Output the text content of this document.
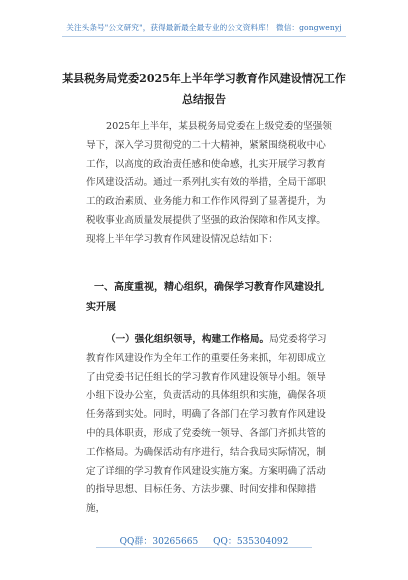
关注头条号"公文研究"，获得最新最全最专业的公文资料库！ 微信：gongwenyj
某县税务局党委2025年上半年学习教育作风建设情况工作
总结报告

2025年上半年，某县税务局党委在上级党委的坚强领导下，深入学习贯彻党的二十大精神，紧紧围绕税收中心工作，以高度的政治责任感和使命感，扎实开展学习教育作风建设活动。通过一系列扎实有效的举措，全局干部职工的政治素质、业务能力和工作作风得到了显著提升，为税收事业高质量发展提供了坚强的政治保障和作风支撑。现将上半年学习教育作风建设情况总结如下：

一、高度重视，精心组织，确保学习教育作风建设扎实开展

（一）强化组织领导，构建工作格局。局党委将学习教育作风建设作为全年工作的重要任务来抓，年初即成立了由党委书记任组长的学习教育作风建设领导小组。领导小组下设办公室，负责活动的具体组织和实施，确保各项任务落到实处。同时，明确了各部门在学习教育作风建设中的具体职责，形成了党委统一领导、各部门齐抓共管的工作格局。为确保活动有序进行，结合我局实际情况，制定了详细的学习教育作风建设实施方案。方案明确了活动的指导思想、目标任务、方法步骤、时间安排和保障措施，

QQ群：30265665 QQ：535304092
